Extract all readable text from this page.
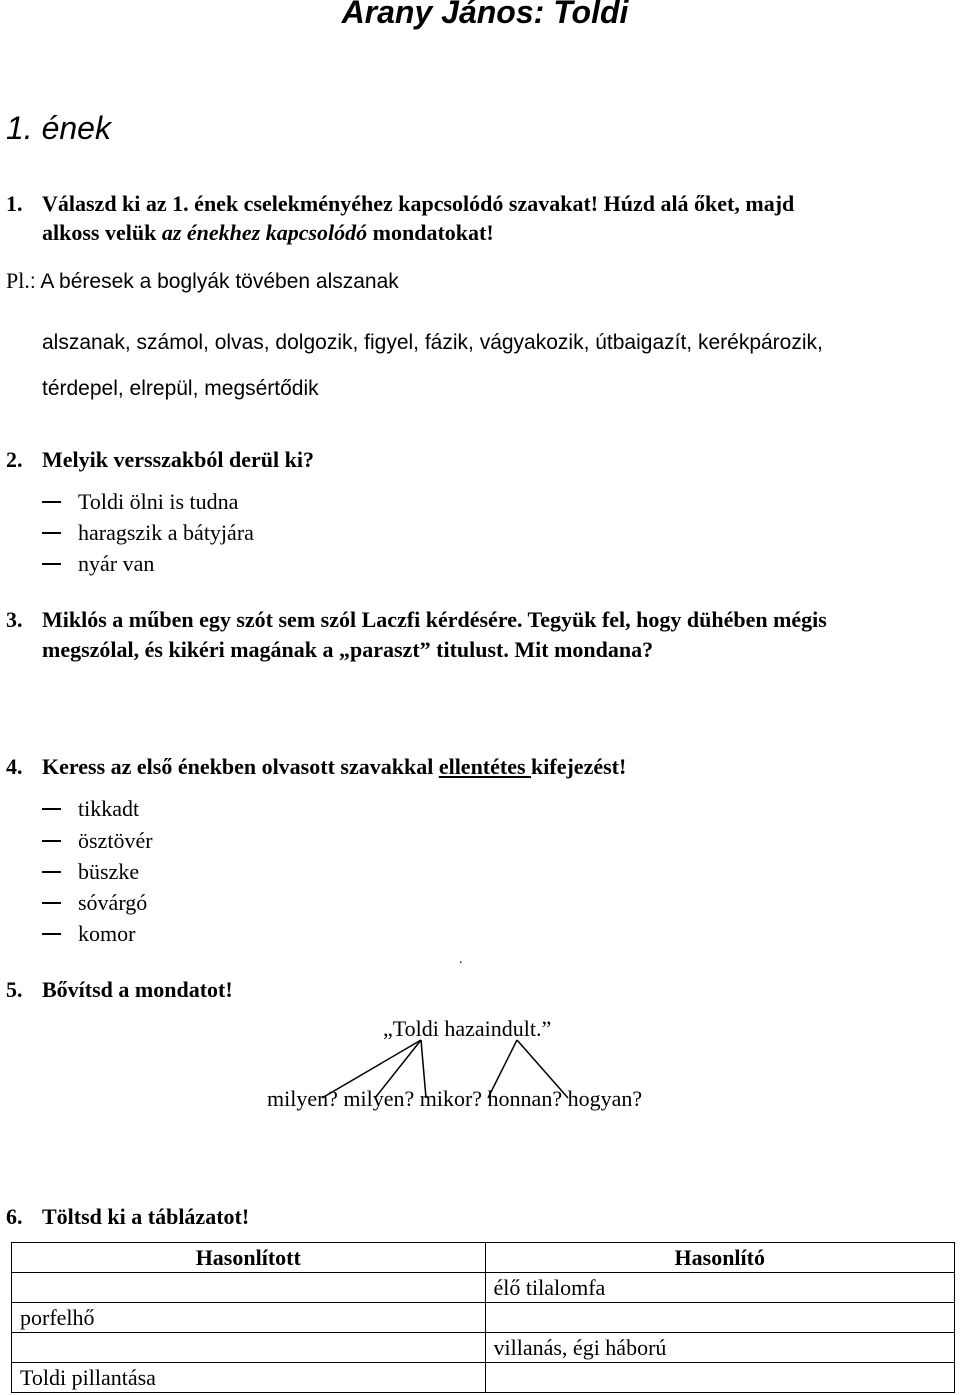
Arany János: Toldi
1. ének
1. Válaszd ki az 1. ének cselekményéhez kapcsolódó szavakat! Húzd alá őket, majd
alkoss velük az énekhez kapcsolódó mondatokat!
Pl.: A béresek a boglyák tövében alszanak
alszanak, számol, olvas, dolgozik, figyel, fázik, vágyakozik, útbaigazít, kerékpározik,
térdepel, elrepül, megsértődik
2. Melyik versszakból derül ki?
Toldi ölni is tudna
haragszik a bátyjára
nyár van
3. Miklós a műben egy szót sem szól Laczfi kérdésére. Tegyük fel, hogy dühében mégis
megszólal, és kikéri magának a „paraszt” titulust. Mit mondana?
4. Keress az első énekben olvasott szavakkal ellentétes kifejezést!
tikkadt
ösztövér
büszke
sóvárgó
komor
5. Bővítsd a mondatot!
.
„Toldi hazaindult.”
milyen? milyen? mikor? honnan? hogyan?
6. Töltsd ki a táblázatot!
Hasonlított	Hasonlító
	élő tilalomfa
porfelhő	
	villanás, égi háború
Toldi pillantása	
